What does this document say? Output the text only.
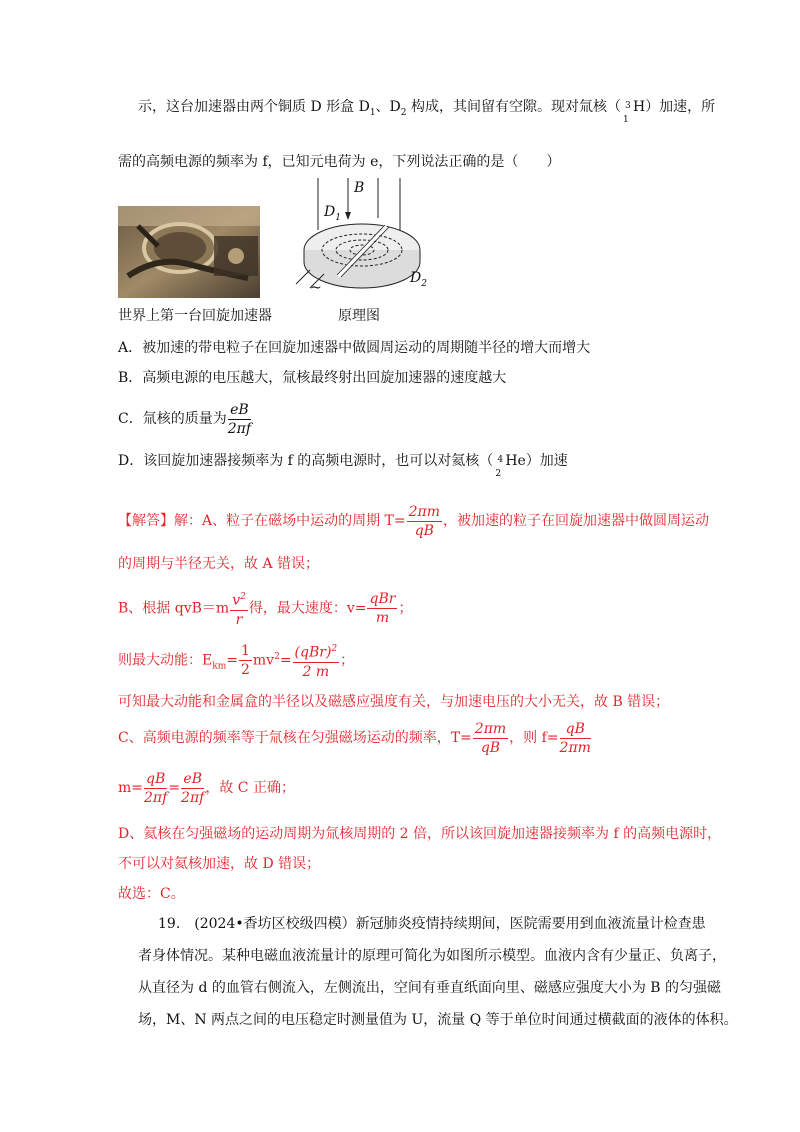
示，这台加速器由两个铜质 D 形盒 $D_1$、$D_2$ 构成，其间留有空隙。现对氚核（ 3
1
H）加速，所
需的高频电源的频率为 f，已知元电荷为 e，下列说法正确的是（　　）
B
$D_1$
$D_2$
~
世界上第一台回旋加速器	原理图
A．被加速的带电粒子在回旋加速器中做圆周运动的周期随半径的增大而增大
B．高频电源的电压越大，氚核最终射出回旋加速器的速度越大
C．氚核的质量为 $\frac{eB}{2\pi f}$
D．该回旋加速器接频率为 f 的高频电源时，也可以对氦核（ 4
2
He）加速
【解答】解：A、粒子在磁场中运动的周期 $T= \frac{2\pi m}{qB}$ ，被加速的粒子在回旋加速器中做圆周运动
的周期与半径无关，故 A 错误；
B、根据 $qvB=m \frac{v^2}{r}$ 得，最大速度：$v= \frac{\text{qBr}}{m}$ ；
则最大动能：$E_{km}= \frac{1}{2} mv^2= \frac{(qBr)^2}{2 m}$ ；
可知最大动能和金属盒的半径以及磁感应强度有关，与加速电压的大小无关，故 B 错误；
C、高频电源的频率等于氚核在匀强磁场运动的频率，$T= \frac{2\pi m}{qB}$ ，则 $f= \frac{qB}{2\pi m}$
$m= \frac{qB}{2\pi f} = \frac{eB}{2\pi f}$ ，故 C 正确；
D、氦核在匀强磁场的运动周期为氚核周期的 2 倍，所以该回旋加速器接频率为 f 的高频电源时，
不可以对氦核加速，故 D 错误；
故选：C。
19.　(2024•香坊区校级四模）新冠肺炎疫情持续期间，医院需要用到血液流量计检查患
者身体情况。某种电磁血液流量计的原理可简化为如图所示模型。血液内含有少量正、负离子，
从直径为 d 的血管右侧流入，左侧流出，空间有垂直纸面向里、磁感应强度大小为 B 的匀强磁
场，M、N 两点之间的电压稳定时测量值为 U，流量 Q 等于单位时间通过横截面的液体的体积。
